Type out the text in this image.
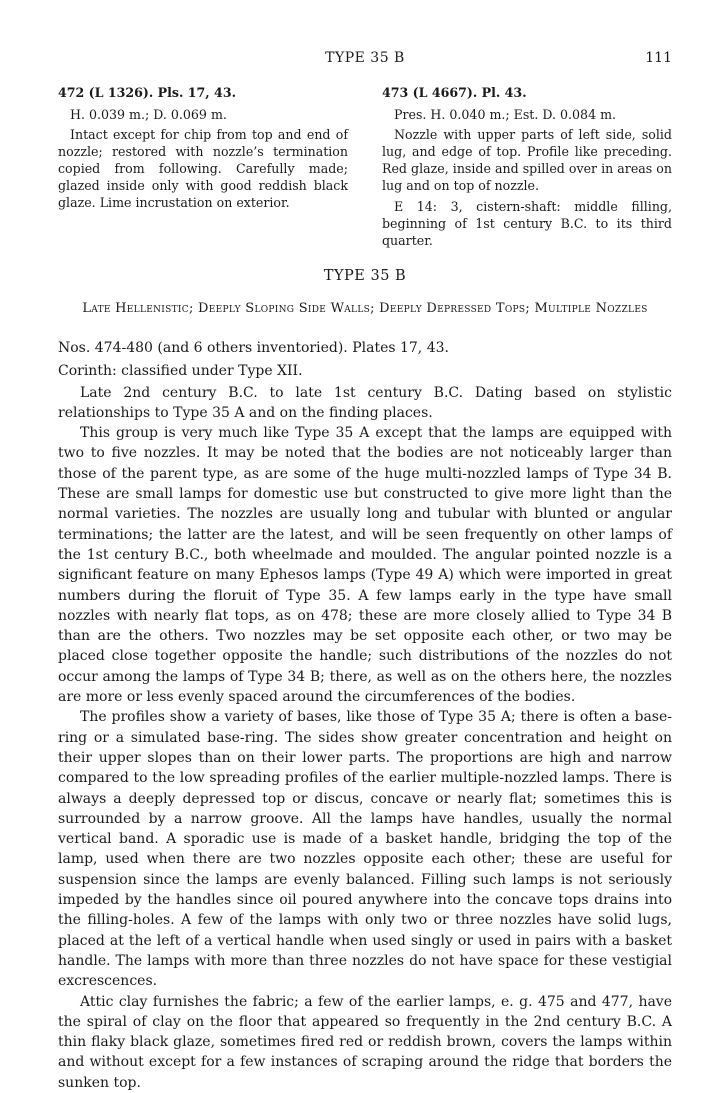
TYPE 35 B	111

472 (L 1326). Pls. 17, 43.

H. 0.039 m.; D. 0.069 m.

Intact except for chip from top and end of nozzle; restored with nozzle’s termination copied from following. Carefully made; glazed inside only with good reddish black glaze. Lime incrustation on exterior.

473 (L 4667). Pl. 43.

Pres. H. 0.040 m.; Est. D. 0.084 m.

Nozzle with upper parts of left side, solid lug, and edge of top. Profile like preceding. Red glaze, inside and spilled over in areas on lug and on top of nozzle.

E 14: 3, cistern-shaft: middle filling, beginning of 1st century B.C. to its third quarter.

TYPE 35 B

Late Hellenistic; Deeply Sloping Side Walls; Deeply Depressed Tops; Multiple Nozzles

Nos. 474-480 (and 6 others inventoried). Plates 17, 43.

Corinth: classified under Type XII.

Late 2nd century B.C. to late 1st century B.C. Dating based on stylistic relationships to Type 35 A and on the finding places.

This group is very much like Type 35 A except that the lamps are equipped with two to five nozzles. It may be noted that the bodies are not noticeably larger than those of the parent type, as are some of the huge multi-nozzled lamps of Type 34 B. These are small lamps for domestic use but constructed to give more light than the normal varieties. The nozzles are usually long and tubular with blunted or angular terminations; the latter are the latest, and will be seen frequently on other lamps of the 1st century B.C., both wheelmade and moulded. The angular pointed nozzle is a significant feature on many Ephesos lamps (Type 49 A) which were imported in great numbers during the floruit of Type 35. A few lamps early in the type have small nozzles with nearly flat tops, as on 478; these are more closely allied to Type 34 B than are the others. Two nozzles may be set opposite each other, or two may be placed close together opposite the handle; such distributions of the nozzles do not occur among the lamps of Type 34 B; there, as well as on the others here, the nozzles are more or less evenly spaced around the circumferences of the bodies.

The profiles show a variety of bases, like those of Type 35 A; there is often a base-ring or a simulated base-ring. The sides show greater concentration and height on their upper slopes than on their lower parts. The proportions are high and narrow compared to the low spreading profiles of the earlier multiple-nozzled lamps. There is always a deeply depressed top or discus, concave or nearly flat; sometimes this is surrounded by a narrow groove. All the lamps have handles, usually the normal vertical band. A sporadic use is made of a basket handle, bridging the top of the lamp, used when there are two nozzles opposite each other; these are useful for suspension since the lamps are evenly balanced. Filling such lamps is not seriously impeded by the handles since oil poured anywhere into the concave tops drains into the filling-holes. A few of the lamps with only two or three nozzles have solid lugs, placed at the left of a vertical handle when used singly or used in pairs with a basket handle. The lamps with more than three nozzles do not have space for these vestigial excrescences.

Attic clay furnishes the fabric; a few of the earlier lamps, e. g. 475 and 477, have the spiral of clay on the floor that appeared so frequently in the 2nd century B.C. A thin flaky black glaze, sometimes fired red or reddish brown, covers the lamps within and without except for a few instances of scraping around the ridge that borders the sunken top.
